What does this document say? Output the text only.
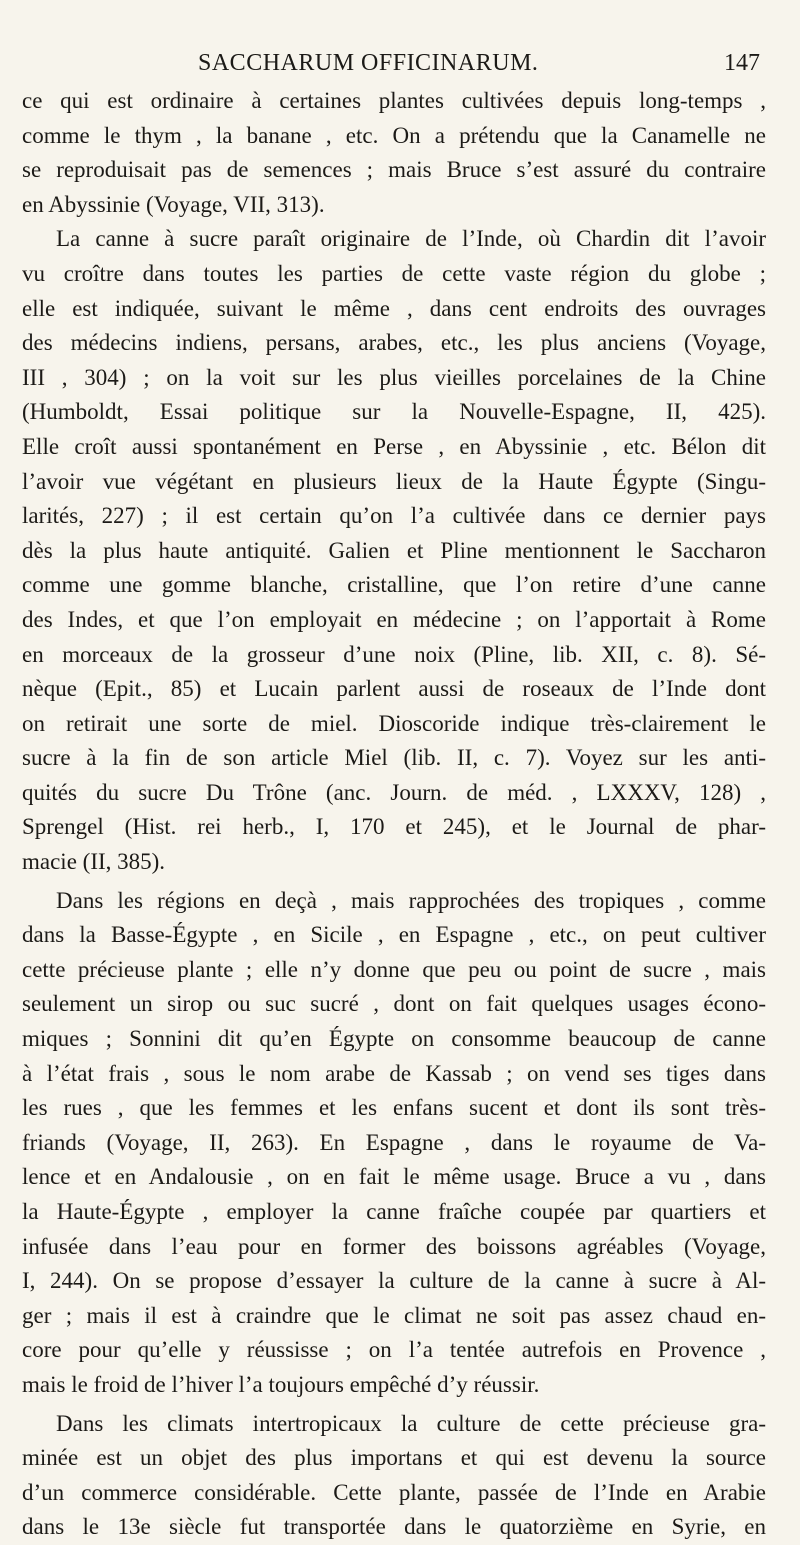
SACCHARUM OFFICINARUM.	147
ce qui est ordinaire à certaines plantes cultivées depuis long-temps ,
comme le thym , la banane , etc. On a prétendu que la Canamelle ne
se reproduisait pas de semences ; mais Bruce s’est assuré du contraire
en Abyssinie (Voyage, VII, 313).
La canne à sucre paraît originaire de l’Inde, où Chardin dit l’avoir
vu croître dans toutes les parties de cette vaste région du globe ;
elle est indiquée, suivant le même , dans cent endroits des ouvrages
des médecins indiens, persans, arabes, etc., les plus anciens (Voyage,
III , 304) ; on la voit sur les plus vieilles porcelaines de la Chine
(Humboldt, Essai politique sur la Nouvelle-Espagne, II, 425).
Elle croît aussi spontanément en Perse , en Abyssinie , etc. Bélon dit
l’avoir vue végétant en plusieurs lieux de la Haute Égypte (Singu-
larités, 227) ; il est certain qu’on l’a cultivée dans ce dernier pays
dès la plus haute antiquité. Galien et Pline mentionnent le Saccharon
comme une gomme blanche, cristalline, que l’on retire d’une canne
des Indes, et que l’on employait en médecine ; on l’apportait à Rome
en morceaux de la grosseur d’une noix (Pline, lib. XII, c. 8). Sé-
nèque (Epit., 85) et Lucain parlent aussi de roseaux de l’Inde dont
on retirait une sorte de miel. Dioscoride indique très-clairement le
sucre à la fin de son article Miel (lib. II, c. 7). Voyez sur les anti-
quités du sucre Du Trône (anc. Journ. de méd. , LXXXV, 128) ,
Sprengel (Hist. rei herb., I, 170 et 245), et le Journal de phar-
macie (II, 385).
Dans les régions en deçà , mais rapprochées des tropiques , comme
dans la Basse-Égypte , en Sicile , en Espagne , etc., on peut cultiver
cette précieuse plante ; elle n’y donne que peu ou point de sucre , mais
seulement un sirop ou suc sucré , dont on fait quelques usages écono-
miques ; Sonnini dit qu’en Égypte on consomme beaucoup de canne
à l’état frais , sous le nom arabe de Kassab ; on vend ses tiges dans
les rues , que les femmes et les enfans sucent et dont ils sont très-
friands (Voyage, II, 263). En Espagne , dans le royaume de Va-
lence et en Andalousie , on en fait le même usage. Bruce a vu , dans
la Haute-Égypte , employer la canne fraîche coupée par quartiers et
infusée dans l’eau pour en former des boissons agréables (Voyage,
I, 244). On se propose d’essayer la culture de la canne à sucre à Al-
ger ; mais il est à craindre que le climat ne soit pas assez chaud en-
core pour qu’elle y réussisse ; on l’a tentée autrefois en Provence ,
mais le froid de l’hiver l’a toujours empêché d’y réussir.
Dans les climats intertropicaux la culture de cette précieuse gra-
minée est un objet des plus importans et qui est devenu la source
d’un commerce considérable. Cette plante, passée de l’Inde en Arabie
dans le 13e siècle fut transportée dans le quatorzième en Syrie, en
